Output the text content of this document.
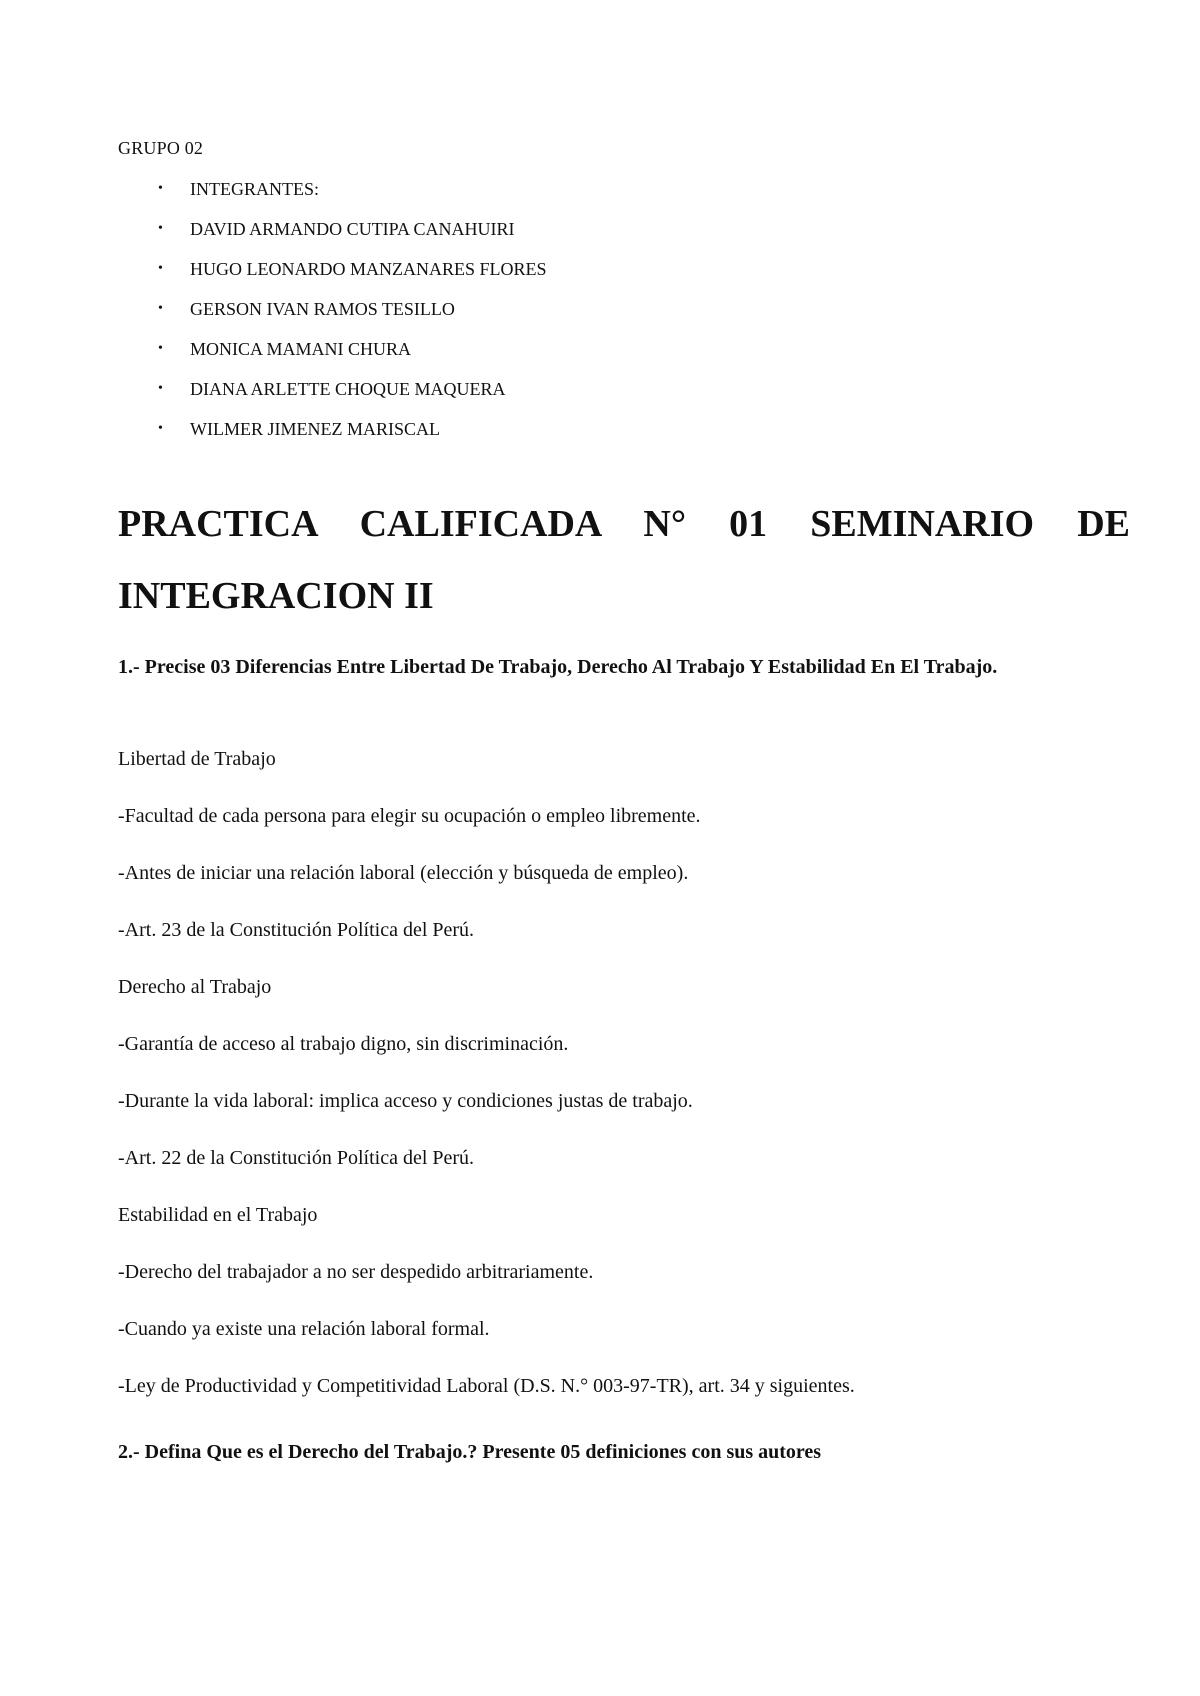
GRUPO 02
• INTEGRANTES:
• DAVID ARMANDO CUTIPA CANAHUIRI
• HUGO LEONARDO MANZANARES FLORES
• GERSON IVAN RAMOS TESILLO
• MONICA MAMANI CHURA
• DIANA ARLETTE CHOQUE MAQUERA
• WILMER JIMENEZ MARISCAL
PRACTICA CALIFICADA N° 01 SEMINARIO DE INTEGRACION II

1.- Precise 03 Diferencias Entre Libertad De Trabajo, Derecho Al Trabajo Y Estabilidad En El Trabajo.

Libertad de Trabajo

-Facultad de cada persona para elegir su ocupación o empleo libremente.

-Antes de iniciar una relación laboral (elección y búsqueda de empleo).

-Art. 23 de la Constitución Política del Perú.

Derecho al Trabajo

-Garantía de acceso al trabajo digno, sin discriminación.

-Durante la vida laboral: implica acceso y condiciones justas de trabajo.

-Art. 22 de la Constitución Política del Perú.

Estabilidad en el Trabajo

-Derecho del trabajador a no ser despedido arbitrariamente.

-Cuando ya existe una relación laboral formal.

-Ley de Productividad y Competitividad Laboral (D.S. N.° 003-97-TR), art. 34 y siguientes.

2.- Defina Que es el Derecho del Trabajo.? Presente 05 definiciones con sus autores
